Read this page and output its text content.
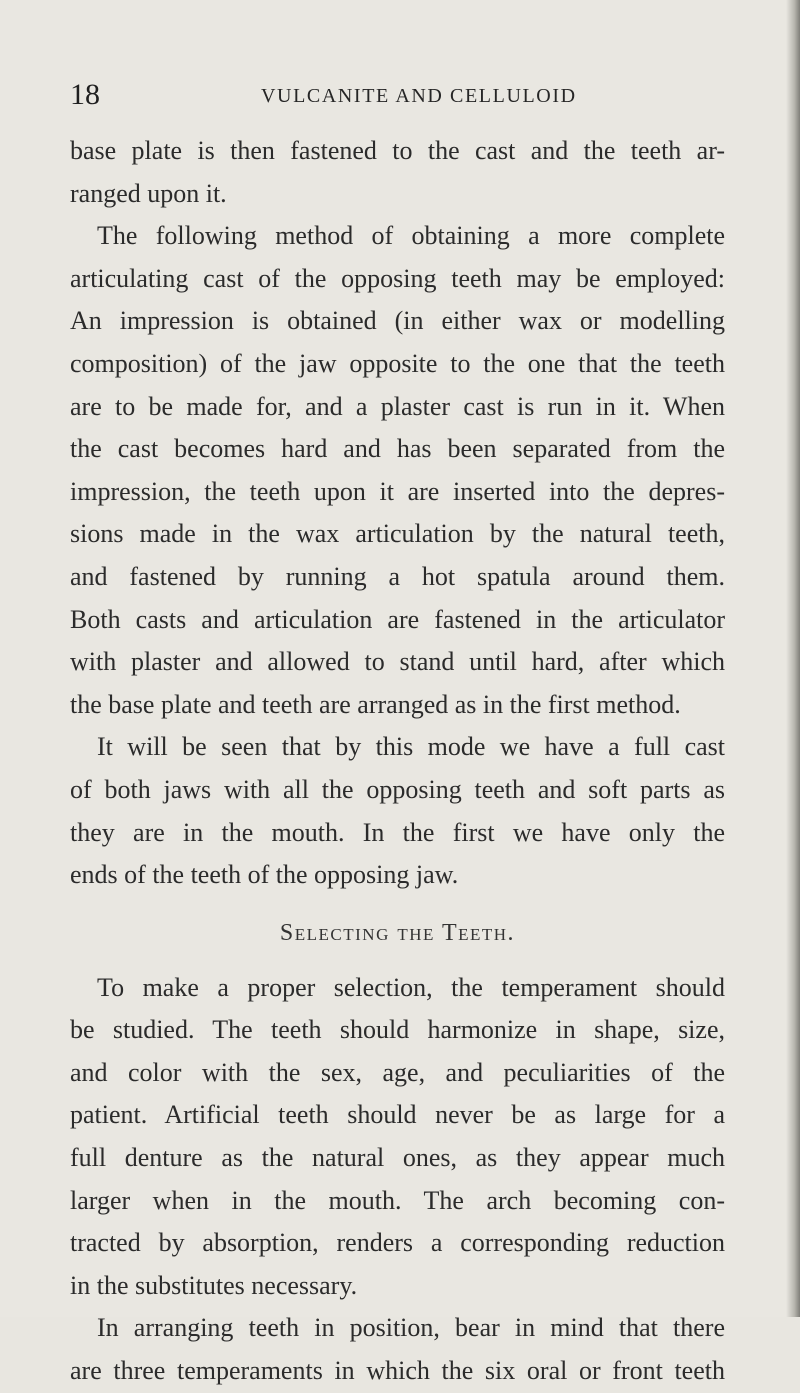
18	VULCANITE AND CELLULOID
base plate is then fastened to the cast and the teeth ar-
ranged upon it.
The following method of obtaining a more complete
articulating cast of the opposing teeth may be employed:
An impression is obtained (in either wax or modelling
composition) of the jaw opposite to the one that the teeth
are to be made for, and a plaster cast is run in it. When
the cast becomes hard and has been separated from the
impression, the teeth upon it are inserted into the depres-
sions made in the wax articulation by the natural teeth,
and fastened by running a hot spatula around them.
Both casts and articulation are fastened in the articulator
with plaster and allowed to stand until hard, after which
the base plate and teeth are arranged as in the first method.
It will be seen that by this mode we have a full cast
of both jaws with all the opposing teeth and soft parts as
they are in the mouth. In the first we have only the
ends of the teeth of the opposing jaw.
Selecting the Teeth.
To make a proper selection, the temperament should
be studied. The teeth should harmonize in shape, size,
and color with the sex, age, and peculiarities of the
patient. Artificial teeth should never be as large for a
full denture as the natural ones, as they appear much
larger when in the mouth. The arch becoming con-
tracted by absorption, renders a corresponding reduction
in the substitutes necessary.
In arranging teeth in position, bear in mind that there
are three temperaments in which the six oral or front teeth
